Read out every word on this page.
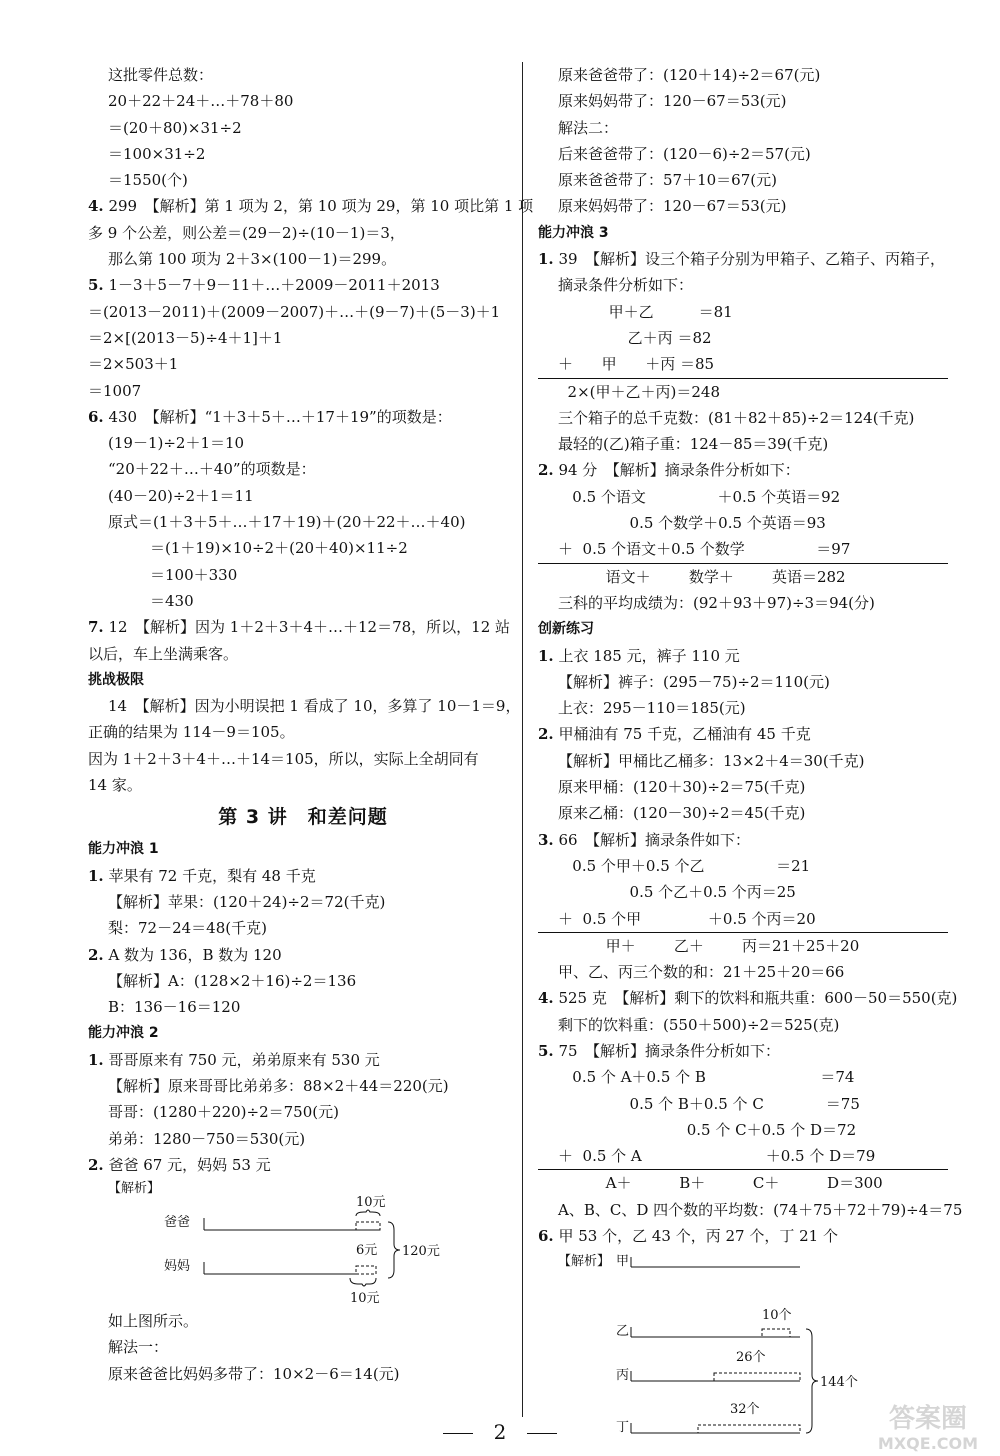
这批零件总数：
20＋22＋24＋…＋78＋80
＝(20＋80)×31÷2
＝100×31÷2
＝1550(个)
4. 299　【解析】第 1 项为 2，第 10 项为 29，第 10 项比第 1 项
多 9 个公差，则公差＝(29－2)÷(10－1)＝3，
那么第 100 项为 2＋3×(100－1)＝299。
5. 1－3＋5－7＋9－11＋…＋2009－2011＋2013
＝(2013－2011)＋(2009－2007)＋…＋(9－7)＋(5－3)＋1
＝2×[(2013－5)÷4＋1]＋1
＝2×503＋1
＝1007
6. 430　【解析】“1＋3＋5＋…＋17＋19”的项数是：
(19－1)÷2＋1＝10
“20＋22＋…＋40”的项数是：
(40－20)÷2＋1＝11
原式＝(1＋3＋5＋…＋17＋19)＋(20＋22＋…＋40)
＝(1＋19)×10÷2＋(20＋40)×11÷2
＝100＋330
＝430
7. 12　【解析】因为 1＋2＋3＋4＋…＋12＝78，所以，12 站
以后，车上坐满乘客。
挑战极限
14　【解析】因为小明误把 1 看成了 10，多算了 10－1＝9，
正确的结果为 114－9＝105。
因为 1＋2＋3＋4＋…＋14＝105，所以，实际上全胡同有
14 家。
第 3 讲　和差问题
能力冲浪 1
1. 苹果有 72 千克，梨有 48 千克
【解析】苹果：(120＋24)÷2＝72(千克)
梨：72－24＝48(千克)
2. A 数为 136，B 数为 120
【解析】A：(128×2＋16)÷2＝136
B：136－16＝120
能力冲浪 2
1. 哥哥原来有 750 元，弟弟原来有 530 元
【解析】原来哥哥比弟弟多：88×2＋44＝220(元)
哥哥：(1280＋220)÷2＝750(元)
弟弟：1280－750＝530(元)
2. 爸爸 67 元，妈妈 53 元
【解析】
爸爸
妈妈
10元
6元
10元
120元
如上图所示。
解法一：
原来爸爸比妈妈多带了：10×2－6＝14(元)
原来爸爸带了：(120＋14)÷2＝67(元)
原来妈妈带了：120－67＝53(元)
解法二：
后来爸爸带了：(120－6)÷2＝57(元)
原来爸爸带了：57＋10＝67(元)
原来妈妈带了：120－67＝53(元)
能力冲浪 3
1. 39　【解析】设三个箱子分别为甲箱子、乙箱子、丙箱子，
摘录条件分析如下：
甲＋乙　　　＝81
乙＋丙 ＝82
＋      甲      ＋丙 ＝85
2×(甲＋乙＋丙)＝248
三个箱子的总千克数：(81＋82＋85)÷2＝124(千克)
最轻的(乙)箱子重：124－85＝39(千克)
2. 94 分　【解析】摘录条件分析如下：
0.5 个语文               ＋0.5 个英语＝92
0.5 个数学＋0.5 个英语＝93
＋  0.5 个语文＋0.5 个数学               ＝97
语文＋        数学＋        英语＝282
三科的平均成绩为：(92＋93＋97)÷3＝94(分)
创新练习
1. 上衣 185 元，裤子 110 元
【解析】裤子：(295－75)÷2＝110(元)
上衣：295－110＝185(元)
2. 甲桶油有 75 千克，乙桶油有 45 千克
【解析】甲桶比乙桶多：13×2＋4＝30(千克)
原来甲桶：(120＋30)÷2＝75(千克)
原来乙桶：(120－30)÷2＝45(千克)
3. 66　【解析】摘录条件如下：
0.5 个甲＋0.5 个乙               ＝21
0.5 个乙＋0.5 个丙＝25
＋  0.5 个甲              ＋0.5 个丙＝20
甲＋        乙＋        丙＝21＋25＋20
甲、乙、丙三个数的和：21＋25＋20＝66
4. 525 克　【解析】剩下的饮料和瓶共重：600－50＝550(克)
剩下的饮料重：(550＋500)÷2＝525(克)
5. 75　【解析】摘录条件分析如下：
0.5 个 A＋0.5 个 B                        ＝74
0.5 个 B＋0.5 个 C             ＝75
0.5 个 C＋0.5 个 D＝72
＋  0.5 个 A                          ＋0.5 个 D＝79
A＋          B＋          C＋          D＝300
A、B、C、D 四个数的平均数：(74＋75＋72＋79)÷4＝75
6. 甲 53 个，乙 43 个，丙 27 个，丁 21 个
【解析】 甲
乙
10个
丙
26个
丁
32个
144个
2	答案圈
MXQE.COM
